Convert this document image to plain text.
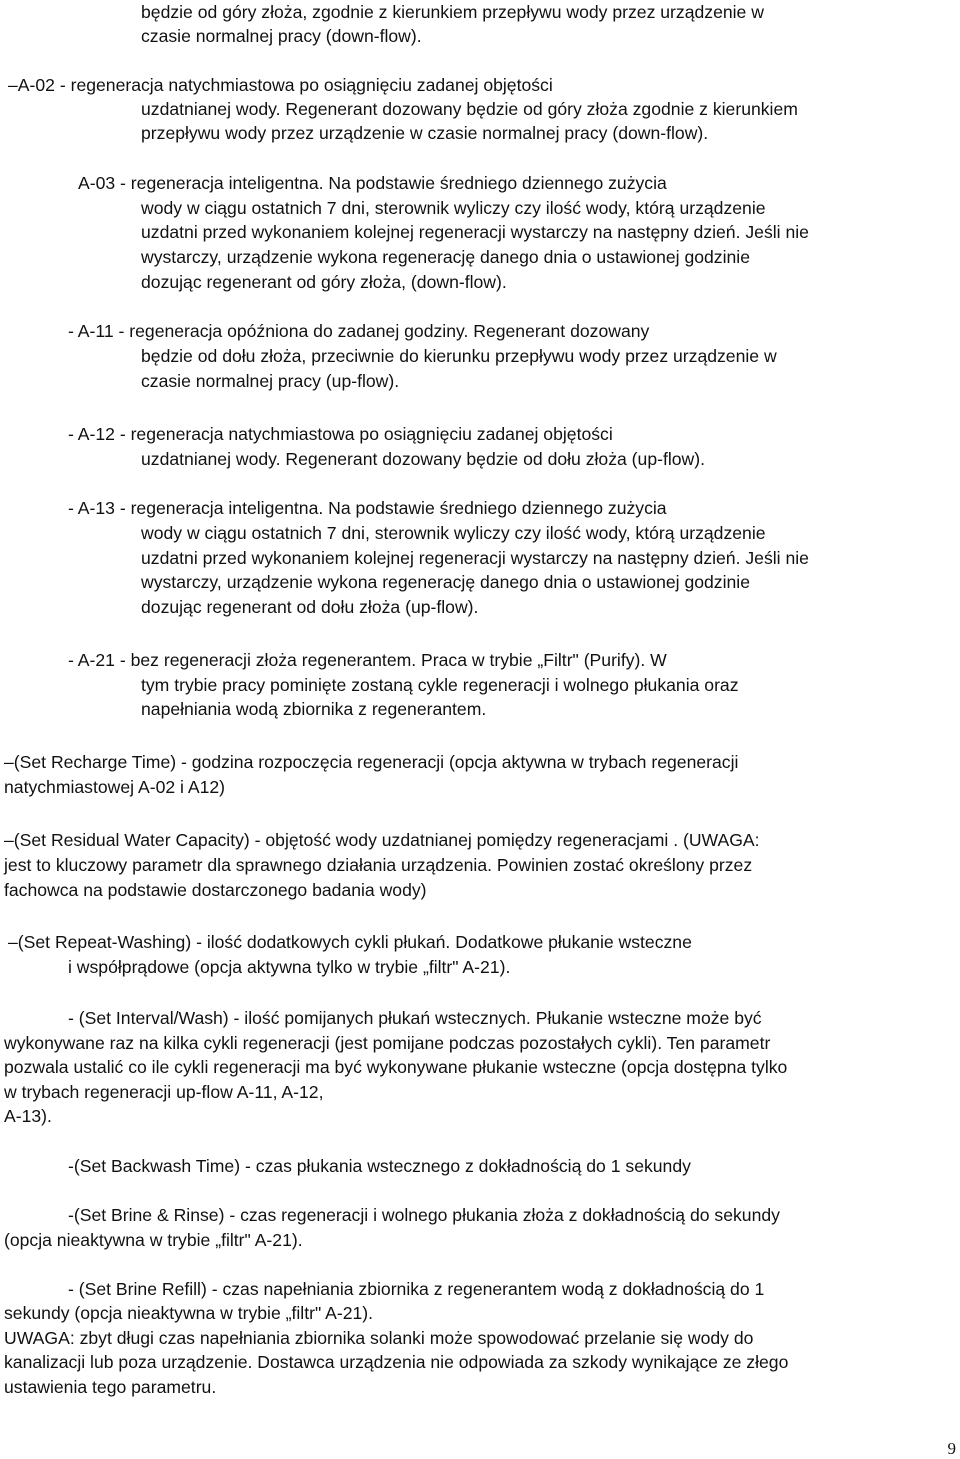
będzie od góry złoża, zgodnie z kierunkiem przepływu wody przez urządzenie w
czasie normalnej pracy (down-flow).
–A-02 - regeneracja natychmiastowa po osiągnięciu zadanej objętości
uzdatnianej wody. Regenerant dozowany będzie od góry złoża zgodnie z kierunkiem
przepływu wody przez urządzenie w czasie normalnej pracy (down-flow).
A-03 - regeneracja inteligentna. Na podstawie średniego dziennego zużycia
wody w ciągu ostatnich 7 dni, sterownik wyliczy czy ilość wody, którą urządzenie
uzdatni przed wykonaniem kolejnej regeneracji wystarczy na następny dzień. Jeśli nie
wystarczy, urządzenie wykona regenerację danego dnia o ustawionej godzinie
dozując regenerant od góry złoża, (down-flow).
- A-11 - regeneracja opóźniona do zadanej godziny. Regenerant dozowany
będzie od dołu złoża, przeciwnie do kierunku przepływu wody przez urządzenie w
czasie normalnej pracy (up-flow).
- A-12 - regeneracja natychmiastowa po osiągnięciu zadanej objętości
uzdatnianej wody. Regenerant dozowany będzie od dołu złoża (up-flow).
- A-13 - regeneracja inteligentna. Na podstawie średniego dziennego zużycia
wody w ciągu ostatnich 7 dni, sterownik wyliczy czy ilość wody, którą urządzenie
uzdatni przed wykonaniem kolejnej regeneracji wystarczy na następny dzień. Jeśli nie
wystarczy, urządzenie wykona regenerację danego dnia o ustawionej godzinie
dozując regenerant od dołu złoża (up-flow).
- A-21 - bez regeneracji złoża regenerantem. Praca w trybie „Filtr" (Purify). W
tym trybie pracy pominięte zostaną cykle regeneracji i wolnego płukania oraz
napełniania wodą zbiornika z regenerantem.
–(Set Recharge Time) - godzina rozpoczęcia regeneracji (opcja aktywna w trybach regeneracji
natychmiastowej A-02 i A12)
–(Set Residual Water Capacity) - objętość wody uzdatnianej pomiędzy regeneracjami . (UWAGA:
jest to kluczowy parametr dla sprawnego działania urządzenia. Powinien zostać określony przez
fachowca na podstawie dostarczonego badania wody)
–(Set Repeat-Washing) - ilość dodatkowych cykli płukań. Dodatkowe płukanie wsteczne
i współprądowe (opcja aktywna tylko w trybie „filtr" A-21).
- (Set Interval/Wash) - ilość pomijanych płukań wstecznych. Płukanie wsteczne może być
wykonywane raz na kilka cykli regeneracji (jest pomijane podczas pozostałych cykli). Ten parametr
pozwala ustalić co ile cykli regeneracji ma być wykonywane płukanie wsteczne (opcja dostępna tylko
w trybach regeneracji up-flow A-11, A-12,
A-13).
-(Set Backwash Time) - czas płukania wstecznego z dokładnością do 1 sekundy
-(Set Brine & Rinse) - czas regeneracji i wolnego płukania złoża z dokładnością do sekundy
(opcja nieaktywna w trybie „filtr" A-21).
- (Set Brine Refill) - czas napełniania zbiornika z regenerantem wodą z dokładnością do 1
sekundy (opcja nieaktywna w trybie „filtr" A-21).
UWAGA: zbyt długi czas napełniania zbiornika solanki może spowodować przelanie się wody do
kanalizacji lub poza urządzenie. Dostawca urządzenia nie odpowiada za szkody wynikające ze złego
ustawienia tego parametru.
9
